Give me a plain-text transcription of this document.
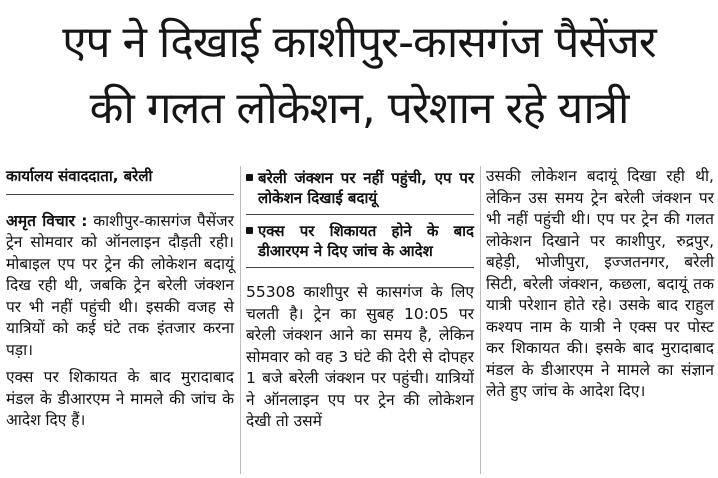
एप ने दिखाई काशीपुर-कासगंज पैसेंजर
की गलत लोकेशन, परेशान रहे यात्री
कार्यालय संवाददाता, बरेली

अमृत विचार : काशीपुर-कासगंज पैसेंजर ट्रेन सोमवार को ऑनलाइन दौड़ती रही। मोबाइल एप पर ट्रेन की लोकेशन बदायूं दिख रही थी, जबकि ट्रेन बरेली जंक्शन पर भी नहीं पहुंची थी। इसकी वजह से यात्रियों को कई घंटे तक इंतजार करना पड़ा।

एक्स पर शिकायत के बाद मुरादाबाद मंडल के डीआरएम ने मामले की जांच के आदेश दिए हैं।

बरेली जंक्शन पर नहीं पहुंची, एप पर लोकेशन दिखाई बदायूं
एक्स पर शिकायत होने के बाद डीआरएम ने दिए जांच के आदेश

55308 काशीपुर से कासगंज के लिए चलती है। ट्रेन का सुबह 10:05 पर बरेली जंक्शन आने का समय है, लेकिन सोमवार को वह 3 घंटे की देरी से दोपहर 1 बजे बरेली जंक्शन पर पहुंची। यात्रियों ने ऑनलाइन एप पर ट्रेन की लोकेशन देखी तो उसमें

उसकी लोकेशन बदायूं दिखा रही थी, लेकिन उस समय ट्रेन बरेली जंक्शन पर भी नहीं पहुंची थी। एप पर ट्रेन की गलत लोकेशन दिखाने पर काशीपुर, रुद्रपुर, बहेड़ी, भोजीपुरा, इज्जतनगर, बरेली सिटी, बरेली जंक्शन, कछला, बदायूं तक यात्री परेशान होते रहे। उसके बाद राहुल कश्यप नाम के यात्री ने एक्स पर पोस्ट कर शिकायत की। इसके बाद मुरादाबाद मंडल के डीआरएम ने मामले का संज्ञान लेते हुए जांच के आदेश दिए।
